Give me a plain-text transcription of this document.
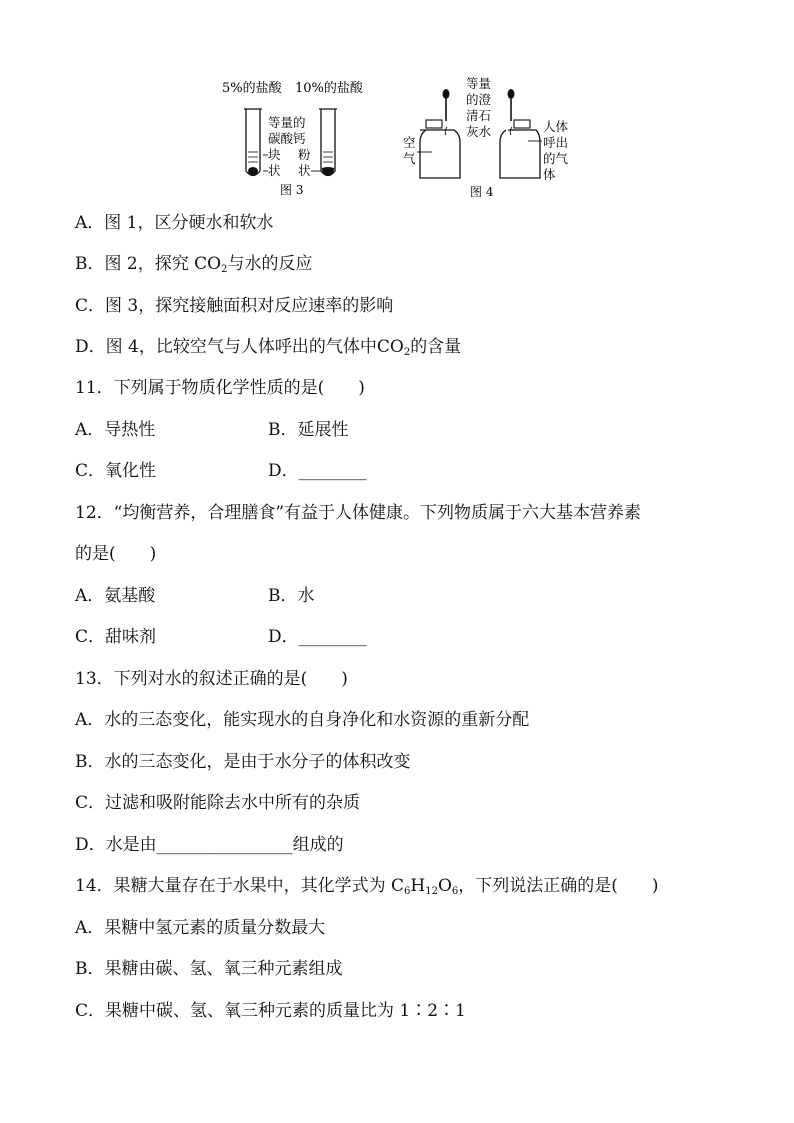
5%的盐酸 10%的盐酸
等量的
碳酸钙
块
状
粉
状
图 3
空
气
等量
的澄
清石
灰水	人体
呼出
的气
体
图 4
A．图 1，区分硬水和软水
B．图 2，探究 $CO_2$与水的反应
C．图 3，探究接触面积对反应速率的影响
D．图 4，比较空气与人体呼出的气体中$CO_2$的含量
11．下列属于物质化学性质的是(　　)
A．导热性	B．延展性
C．氧化性	D．________
12．“均衡营养，合理膳食”有益于人体健康。下列物质属于六大基本营养素
的是(　　)
A．氨基酸	B．水
C．甜味剂	D．________
13．下列对水的叙述正确的是(　　)
A．水的三态变化，能实现水的自身净化和水资源的重新分配
B．水的三态变化，是由于水分子的体积改变
C．过滤和吸附能除去水中所有的杂质
D．水是由________________组成的
14．果糖大量存在于水果中，其化学式为 $C_6H_{12}O_6$，下列说法正确的是(　　)
A．果糖中氢元素的质量分数最大
B．果糖由碳、氢、氧三种元素组成
C．果糖中碳、氢、氧三种元素的质量比为 1∶2∶1
